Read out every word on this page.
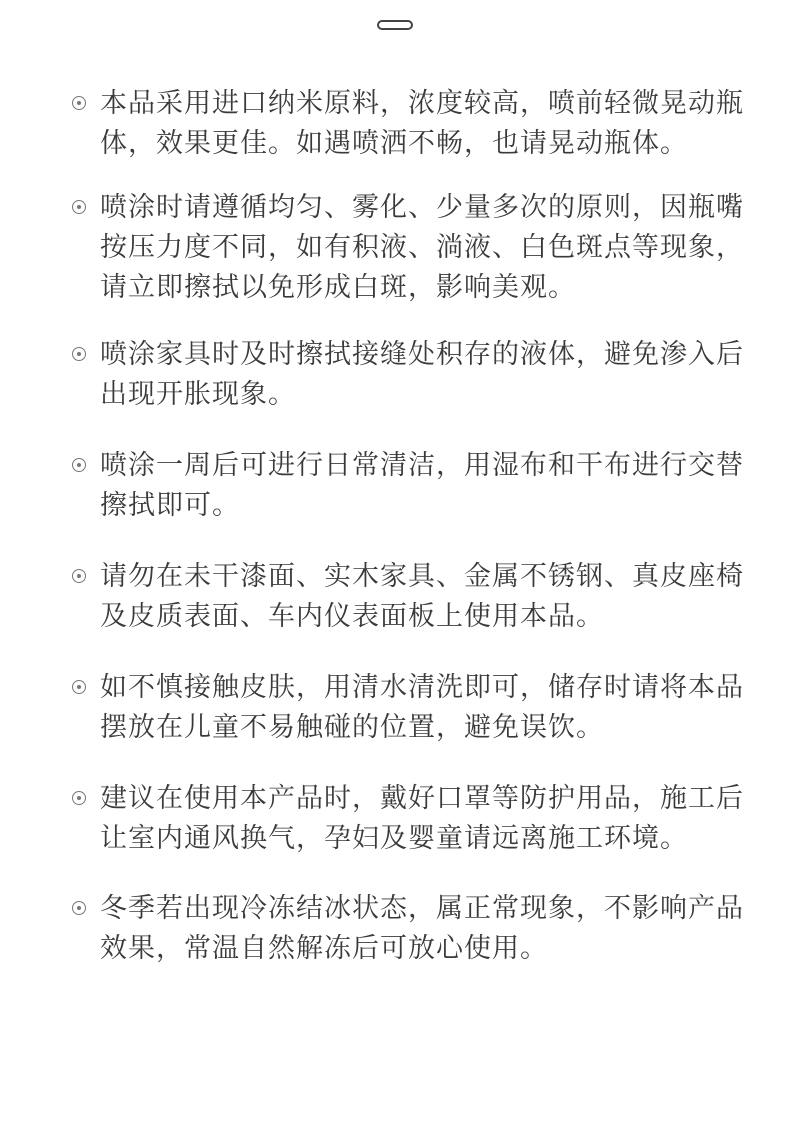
本品采用进口纳米原料，浓度较高，喷前轻微晃动瓶体，效果更佳。如遇喷洒不畅，也请晃动瓶体。
喷涂时请遵循均匀、雾化、少量多次的原则，因瓶嘴按压力度不同，如有积液、淌液、白色斑点等现象，请立即擦拭以免形成白斑，影响美观。
喷涂家具时及时擦拭接缝处积存的液体，避免渗入后出现开胀现象。
喷涂一周后可进行日常清洁，用湿布和干布进行交替擦拭即可。
请勿在未干漆面、实木家具、金属不锈钢、真皮座椅及皮质表面、车内仪表面板上使用本品。
如不慎接触皮肤，用清水清洗即可，储存时请将本品摆放在儿童不易触碰的位置，避免误饮。
建议在使用本产品时，戴好口罩等防护用品，施工后让室内通风换气，孕妇及婴童请远离施工环境。
冬季若出现冷冻结冰状态，属正常现象，不影响产品效果，常温自然解冻后可放心使用。
